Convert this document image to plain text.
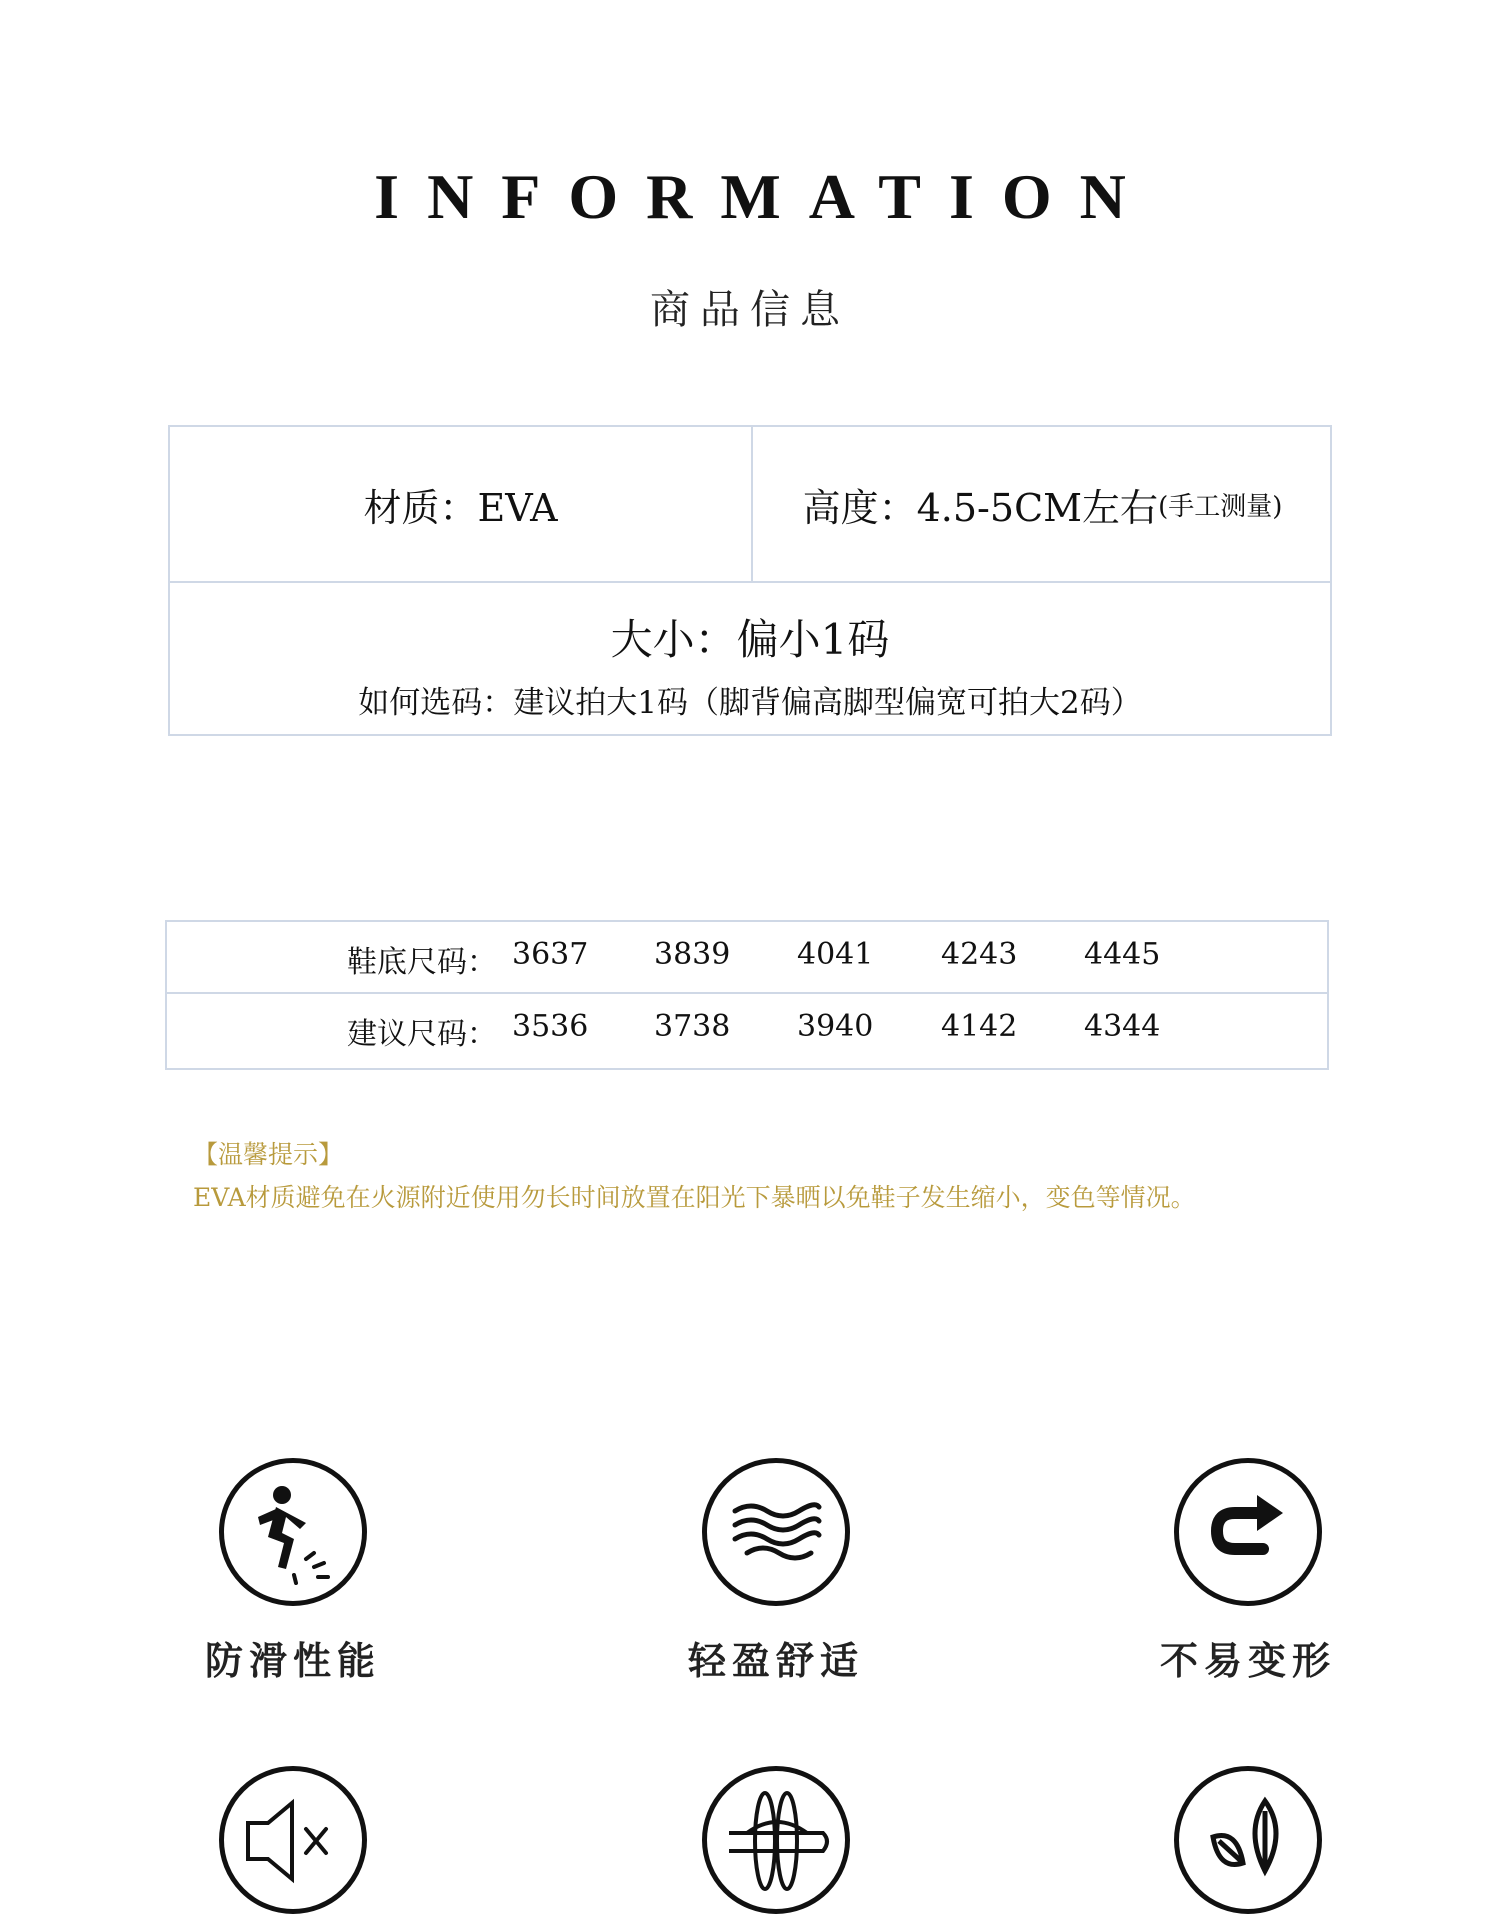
INFORMATION
商品信息
材质：EVA	高度：4.5-5CM左右 (手工测量)
大小：偏小1码
如何选码：建议拍大1码（脚背偏高脚型偏宽可拍大2码）
鞋底尺码： 3637	3839	4041	4243	4445
建议尺码： 3536	3738	3940	4142	4344
【温馨提示】
EVA材质避免在火源附近使用勿长时间放置在阳光下暴晒以免鞋子发生缩小，变色等情况。
防滑性能	轻盈舒适	不易变形
